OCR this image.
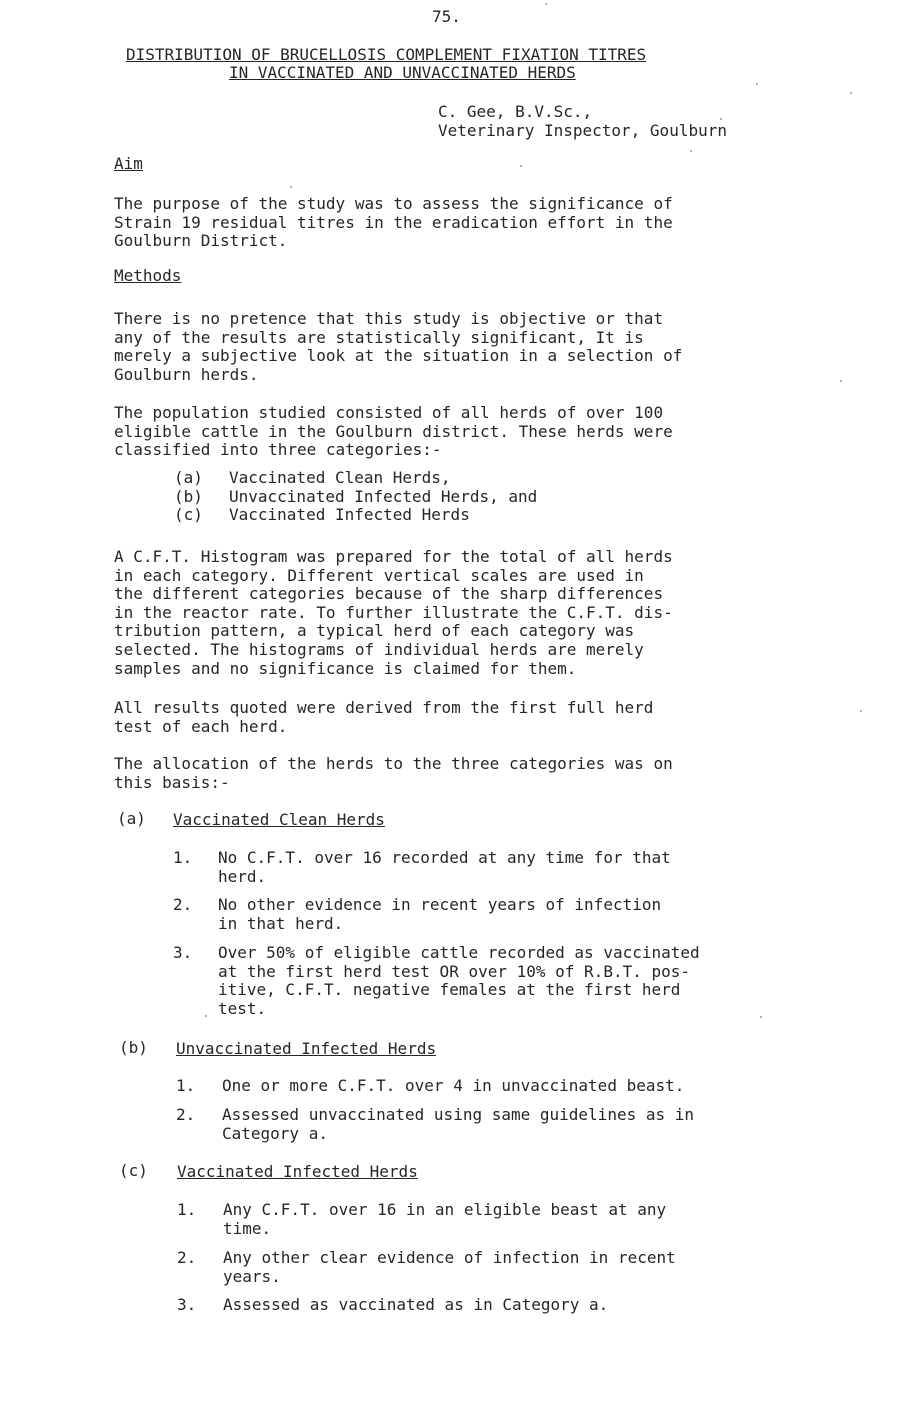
75.
DISTRIBUTION OF BRUCELLOSIS COMPLEMENT FIXATION TITRES
IN VACCINATED AND UNVACCINATED HERDS
C. Gee, B.V.Sc.,
Veterinary Inspector, Goulburn
Aim
The purpose of the study was to assess the significance of
Strain 19 residual titres in the eradication effort in the
Goulburn District.
Methods
There is no pretence that this study is objective or that
any of the results are statistically significant, It is
merely a subjective look at the situation in a selection of
Goulburn herds.
The population studied consisted of all herds of over 100
eligible cattle in the Goulburn district. These herds were
classified into three categories:-
(a) Vaccinated Clean Herds,
(b) Unvaccinated Infected Herds, and
(c) Vaccinated Infected Herds
A C.F.T. Histogram was prepared for the total of all herds
in each category. Different vertical scales are used in
the different categories because of the sharp differences
in the reactor rate. To further illustrate the C.F.T. dis-
tribution pattern, a typical herd of each category was
selected. The histograms of individual herds are merely
samples and no significance is claimed for them.
All results quoted were derived from the first full herd
test of each herd.
The allocation of the herds to the three categories was on
this basis:-
(a) Vaccinated Clean Herds
1. No C.F.T. over 16 recorded at any time for that
herd.
2. No other evidence in recent years of infection
in that herd.
3. Over 50% of eligible cattle recorded as vaccinated
at the first herd test OR over 10% of R.B.T. pos-
itive, C.F.T. negative females at the first herd
test.
(b) Unvaccinated Infected Herds
1. One or more C.F.T. over 4 in unvaccinated beast.
2. Assessed unvaccinated using same guidelines as in
Category a.
(c) Vaccinated Infected Herds
1. Any C.F.T. over 16 in an eligible beast at any
time.
2. Any other clear evidence of infection in recent
years.
3. Assessed as vaccinated as in Category a.
